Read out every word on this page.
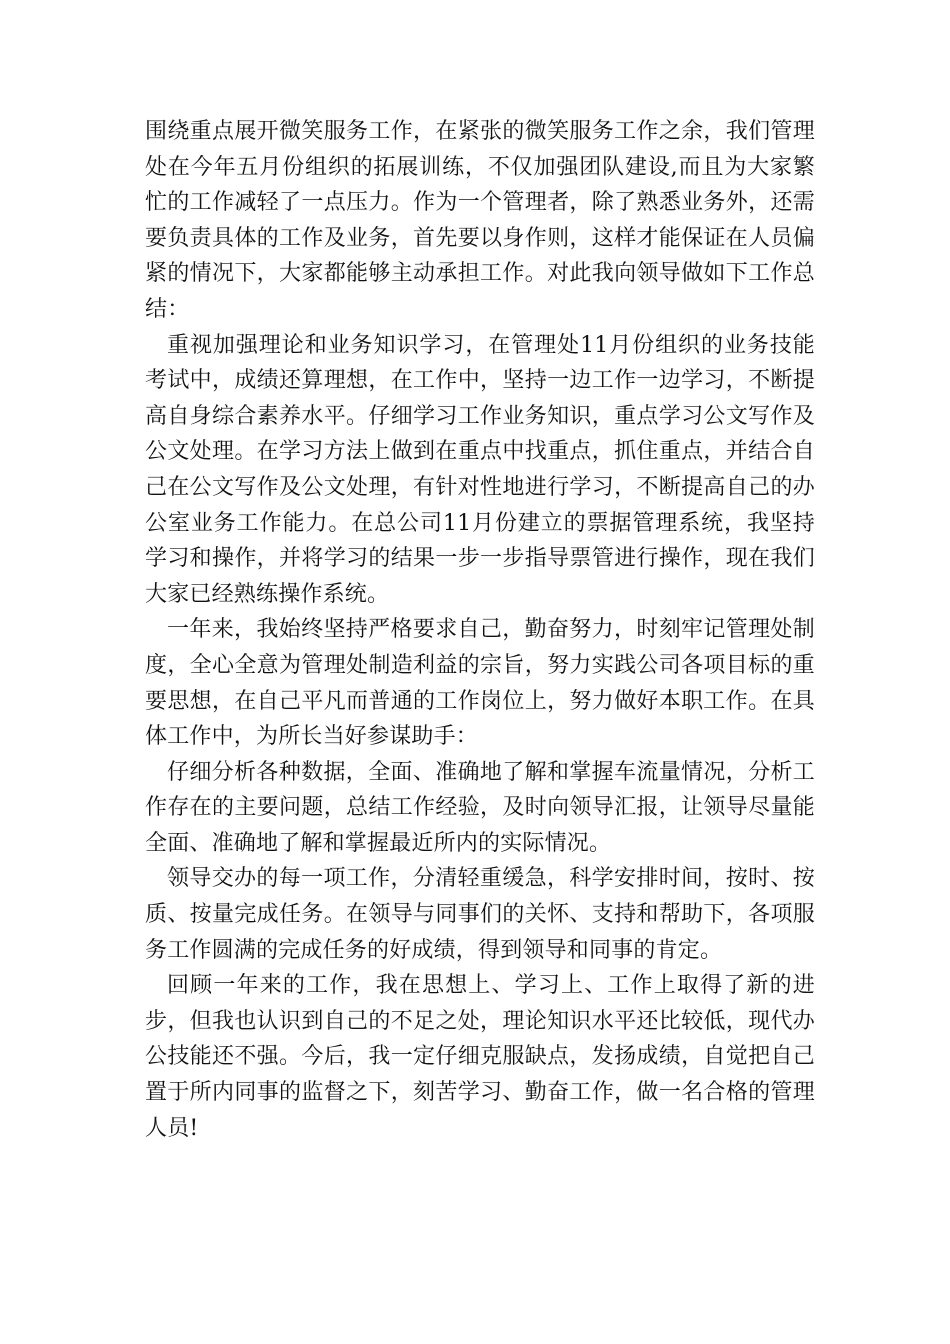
围绕重点展开微笑服务工作，在紧张的微笑服务工作之余，我们管理处在今年五月份组织的拓展训练，不仅加强团队建设,而且为大家繁忙的工作减轻了一点压力。作为一个管理者，除了熟悉业务外，还需要负责具体的工作及业务，首先要以身作则，这样才能保证在人员偏紧的情况下，大家都能够主动承担工作。对此我向领导做如下工作总结：

重视加强理论和业务知识学习，在管理处11月份组织的业务技能考试中，成绩还算理想，在工作中，坚持一边工作一边学习，不断提高自身综合素养水平。仔细学习工作业务知识，重点学习公文写作及公文处理。在学习方法上做到在重点中找重点，抓住重点，并结合自己在公文写作及公文处理，有针对性地进行学习，不断提高自己的办公室业务工作能力。在总公司11月份建立的票据管理系统，我坚持学习和操作，并将学习的结果一步一步指导票管进行操作，现在我们大家已经熟练操作系统。

一年来，我始终坚持严格要求自己，勤奋努力，时刻牢记管理处制度，全心全意为管理处制造利益的宗旨，努力实践公司各项目标的重要思想，在自己平凡而普通的工作岗位上，努力做好本职工作。在具体工作中，为所长当好参谋助手：

仔细分析各种数据，全面、准确地了解和掌握车流量情况，分析工作存在的主要问题，总结工作经验，及时向领导汇报，让领导尽量能全面、准确地了解和掌握最近所内的实际情况。

领导交办的每一项工作，分清轻重缓急，科学安排时间，按时、按质、按量完成任务。在领导与同事们的关怀、支持和帮助下，各项服务工作圆满的完成任务的好成绩，得到领导和同事的肯定。

回顾一年来的工作，我在思想上、学习上、工作上取得了新的进步，但我也认识到自己的不足之处，理论知识水平还比较低，现代办公技能还不强。今后，我一定仔细克服缺点，发扬成绩，自觉把自己置于所内同事的监督之下，刻苦学习、勤奋工作，做一名合格的管理人员!
